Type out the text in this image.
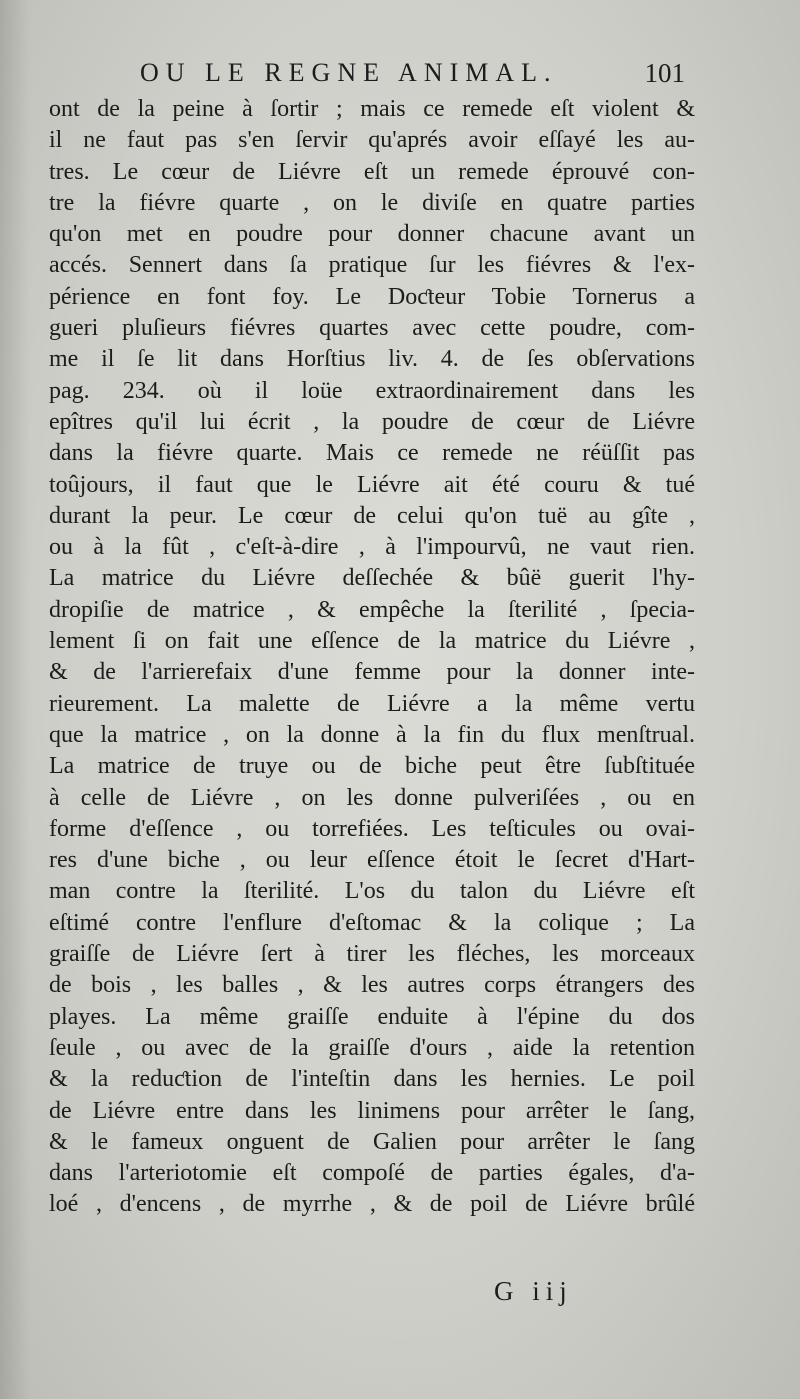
OU LE REGNE ANIMAL.	101
ont de la peine à ſortir ; mais ce remede eſt violent &
il ne faut pas s'en ſervir qu'aprés avoir eſſayé les au-
tres. Le cœur de Liévre eſt un remede éprouvé con-
tre la fiévre quarte , on le diviſe en quatre parties
qu'on met en poudre pour donner chacune avant un
accés. Sennert dans ſa pratique ſur les fiévres & l'ex-
périence en font foy. Le Doƈteur Tobie Tornerus a
gueri pluſieurs fiévres quartes avec cette poudre, com-
me il ſe lit dans Horſtius liv. 4. de ſes obſervations
pag. 234. où il loüe extraordinairement dans les
epîtres qu'il lui écrit , la poudre de cœur de Liévre
dans la fiévre quarte. Mais ce remede ne réüſſit pas
toûjours, il faut que le Liévre ait été couru & tué
durant la peur. Le cœur de celui qu'on tuë au gîte ,
ou à la fût , c'eſt-à-dire , à l'impourvû, ne vaut rien.
La matrice du Liévre deſſechée & bûë guerit l'hy-
dropiſie de matrice , & empêche la ſterilité , ſpecia-
lement ſi on fait une eſſence de la matrice du Liévre ,
& de l'arrierefaix d'une femme pour la donner inte-
rieurement. La malette de Liévre a la même vertu
que la matrice , on la donne à la fin du flux menſtrual.
La matrice de truye ou de biche peut être ſubſtituée
à celle de Liévre , on les donne pulveriſées , ou en
forme d'eſſence , ou torrefiées. Les teſticules ou ovai-
res d'une biche , ou leur eſſence étoit le ſecret d'Hart-
man contre la ſterilité. L'os du talon du Liévre eſt
eſtimé contre l'enflure d'eſtomac & la colique ; La
graiſſe de Liévre ſert à tirer les fléches, les morceaux
de bois , les balles , & les autres corps étrangers des
playes. La même graiſſe enduite à l'épine du dos
ſeule , ou avec de la graiſſe d'ours , aide la retention
& la reduƈtion de l'inteſtin dans les hernies. Le poil
de Liévre entre dans les linimens pour arrêter le ſang,
& le fameux onguent de Galien pour arrêter le ſang
dans l'arteriotomie eſt compoſé de parties égales, d'a-
loé , d'encens , de myrrhe , & de poil de Liévre brûlé
G iij
